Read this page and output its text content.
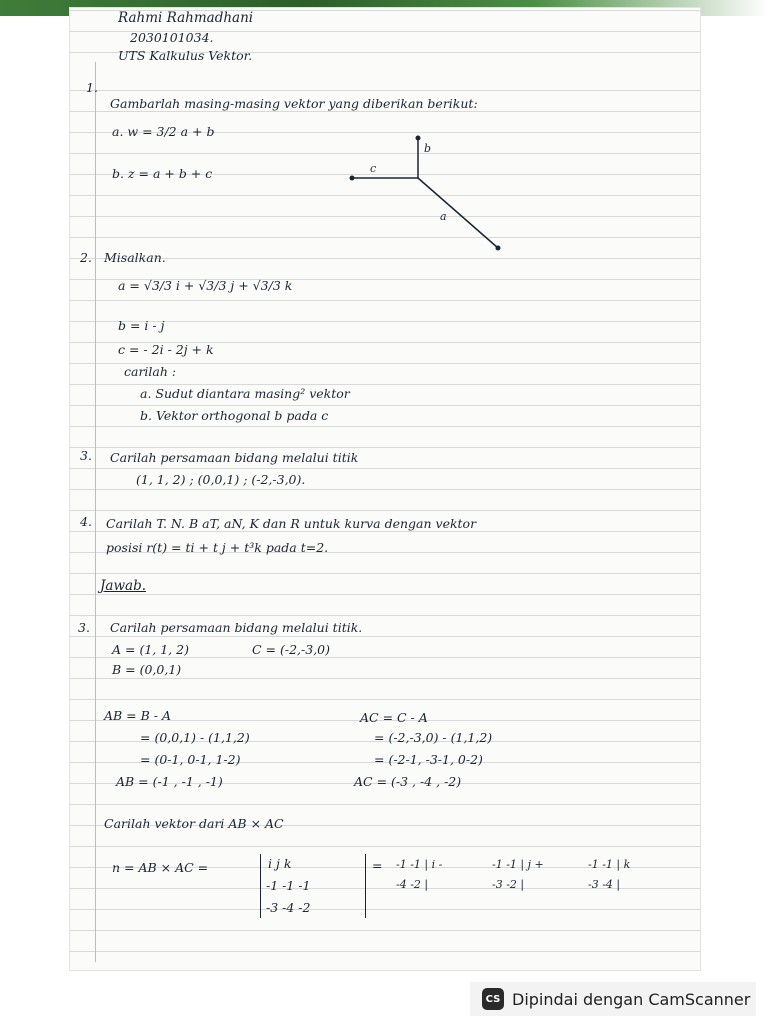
Rahmi Rahmadhani
2030101034.
UTS Kalkulus Vektor.
1.
Gambarlah masing-masing vektor yang diberikan berikut:
a. w = 3/2 a + b
b. z = a + b + c
b
c
a
2. Misalkan.
a = √3/3 i + √3/3 j + √3/3 k
b = i - j
c = - 2i - 2j + k
carilah :
a. Sudut diantara masing² vektor
b. Vektor orthogonal b pada c
3. Carilah persamaan bidang melalui titik
(1, 1, 2) ; (0,0,1) ; (-2,-3,0).
4. Carilah T. N. B aT, aN, K dan R untuk kurva dengan vektor
posisi r(t) = ti + t j + t³k pada t=2.
Jawab.
3. Carilah persamaan bidang melalui titik.
A = (1, 1, 2)	C = (-2,-3,0)
B = (0,0,1)
AB = B - A
= (0,0,1) - (1,1,2)
= (0-1, 0-1, 1-2)
AB = (-1 , -1 , -1)
AC = C - A
= (-2,-3,0) - (1,1,2)
= (-2-1, -3-1, 0-2)
AC = (-3 , -4 , -2)
Carilah vektor dari AB × AC
n = AB × AC =	i j k
-1 -1 -1
-3 -4 -2
= -1 -1 | i -
-4 -2 |
-1 -1 | j +
-3 -2 |
-1 -1 | k
-3 -4 |
CS Dipindai dengan CamScanner
